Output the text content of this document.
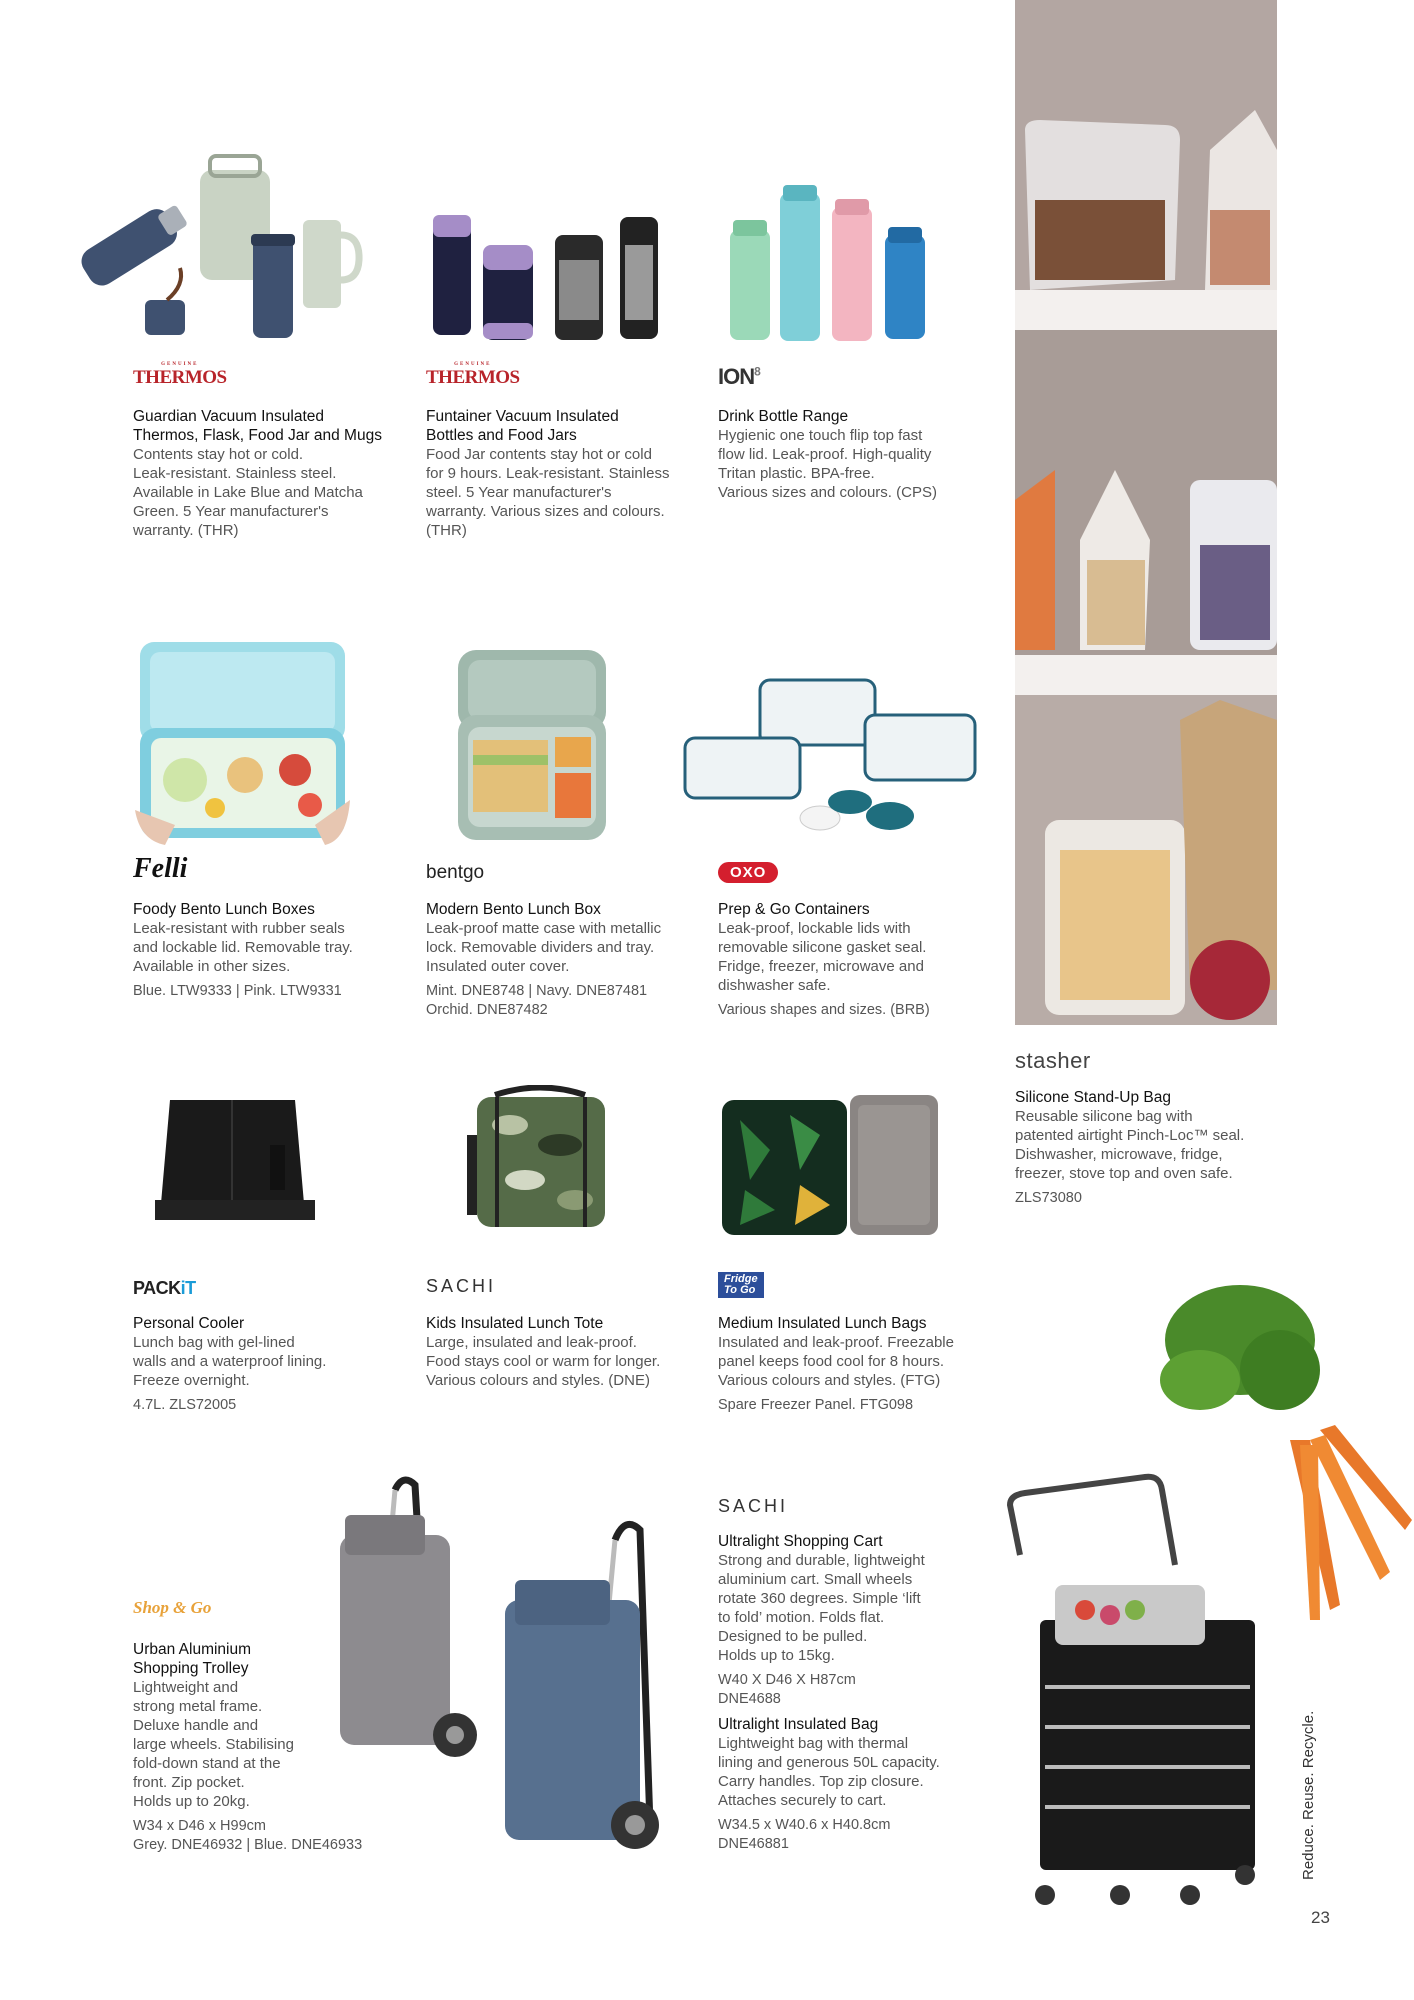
GENUINE
THERMOS
Guardian Vacuum Insulated
Thermos, Flask, Food Jar and Mugs
Contents stay hot or cold.
Leak-resistant. Stainless steel.
Available in Lake Blue and Matcha
Green. 5 Year manufacturer's
warranty. (THR)
GENUINE
THERMOS
Funtainer Vacuum Insulated
Bottles and Food Jars
Food Jar contents stay hot or cold
for 9 hours. Leak-resistant. Stainless
steel. 5 Year manufacturer's
warranty. Various sizes and colours.
(THR)
ION$^8$
Drink Bottle Range
Hygienic one touch flip top fast
flow lid. Leak-proof. High-quality
Tritan plastic. BPA-free.
Various sizes and colours. (CPS)
Felli
Foody Bento Lunch Boxes
Leak-resistant with rubber seals
and lockable lid. Removable tray.
Available in other sizes.
Blue. LTW9333 | Pink. LTW9331
bentgo
Modern Bento Lunch Box
Leak-proof matte case with metallic
lock. Removable dividers and tray.
Insulated outer cover.
Mint. DNE8748 | Navy. DNE87481
Orchid. DNE87482
OXO
Prep & Go Containers
Leak-proof, lockable lids with
removable silicone gasket seal.
Fridge, freezer, microwave and
dishwasher safe.
Various shapes and sizes. (BRB)
stasher
Silicone Stand-Up Bag
Reusable silicone bag with
patented airtight Pinch-Loc™ seal.
Dishwasher, microwave, fridge,
freezer, stove top and oven safe.
ZLS73080
PACKiT
Personal Cooler
Lunch bag with gel-lined
walls and a waterproof lining.
Freeze overnight.
4.7L. ZLS72005
SACHI
Kids Insulated Lunch Tote
Large, insulated and leak-proof.
Food stays cool or warm for longer.
Various colours and styles. (DNE)
Fridge
To Go
Medium Insulated Lunch Bags
Insulated and leak-proof. Freezable
panel keeps food cool for 8 hours.
Various colours and styles. (FTG)
Spare Freezer Panel. FTG098
Shop & Go
Urban Aluminium
Shopping Trolley
Lightweight and
strong metal frame.
Deluxe handle and
large wheels. Stabilising
fold-down stand at the
front. Zip pocket.
Holds up to 20kg.
W34 x D46 x H99cm
Grey. DNE46932 | Blue. DNE46933
SACHI
Ultralight Shopping Cart
Strong and durable, lightweight
aluminium cart. Small wheels
rotate 360 degrees. Simple ‘lift
to fold’ motion. Folds flat.
Designed to be pulled.
Holds up to 15kg.
W40 X D46 X H87cm
DNE4688
Ultralight Insulated Bag
Lightweight bag with thermal
lining and generous 50L capacity.
Carry handles. Top zip closure.
Attaches securely to cart.
W34.5 x W40.6 x H40.8cm
DNE46881	Reduce. Reuse. Recycle.
23
